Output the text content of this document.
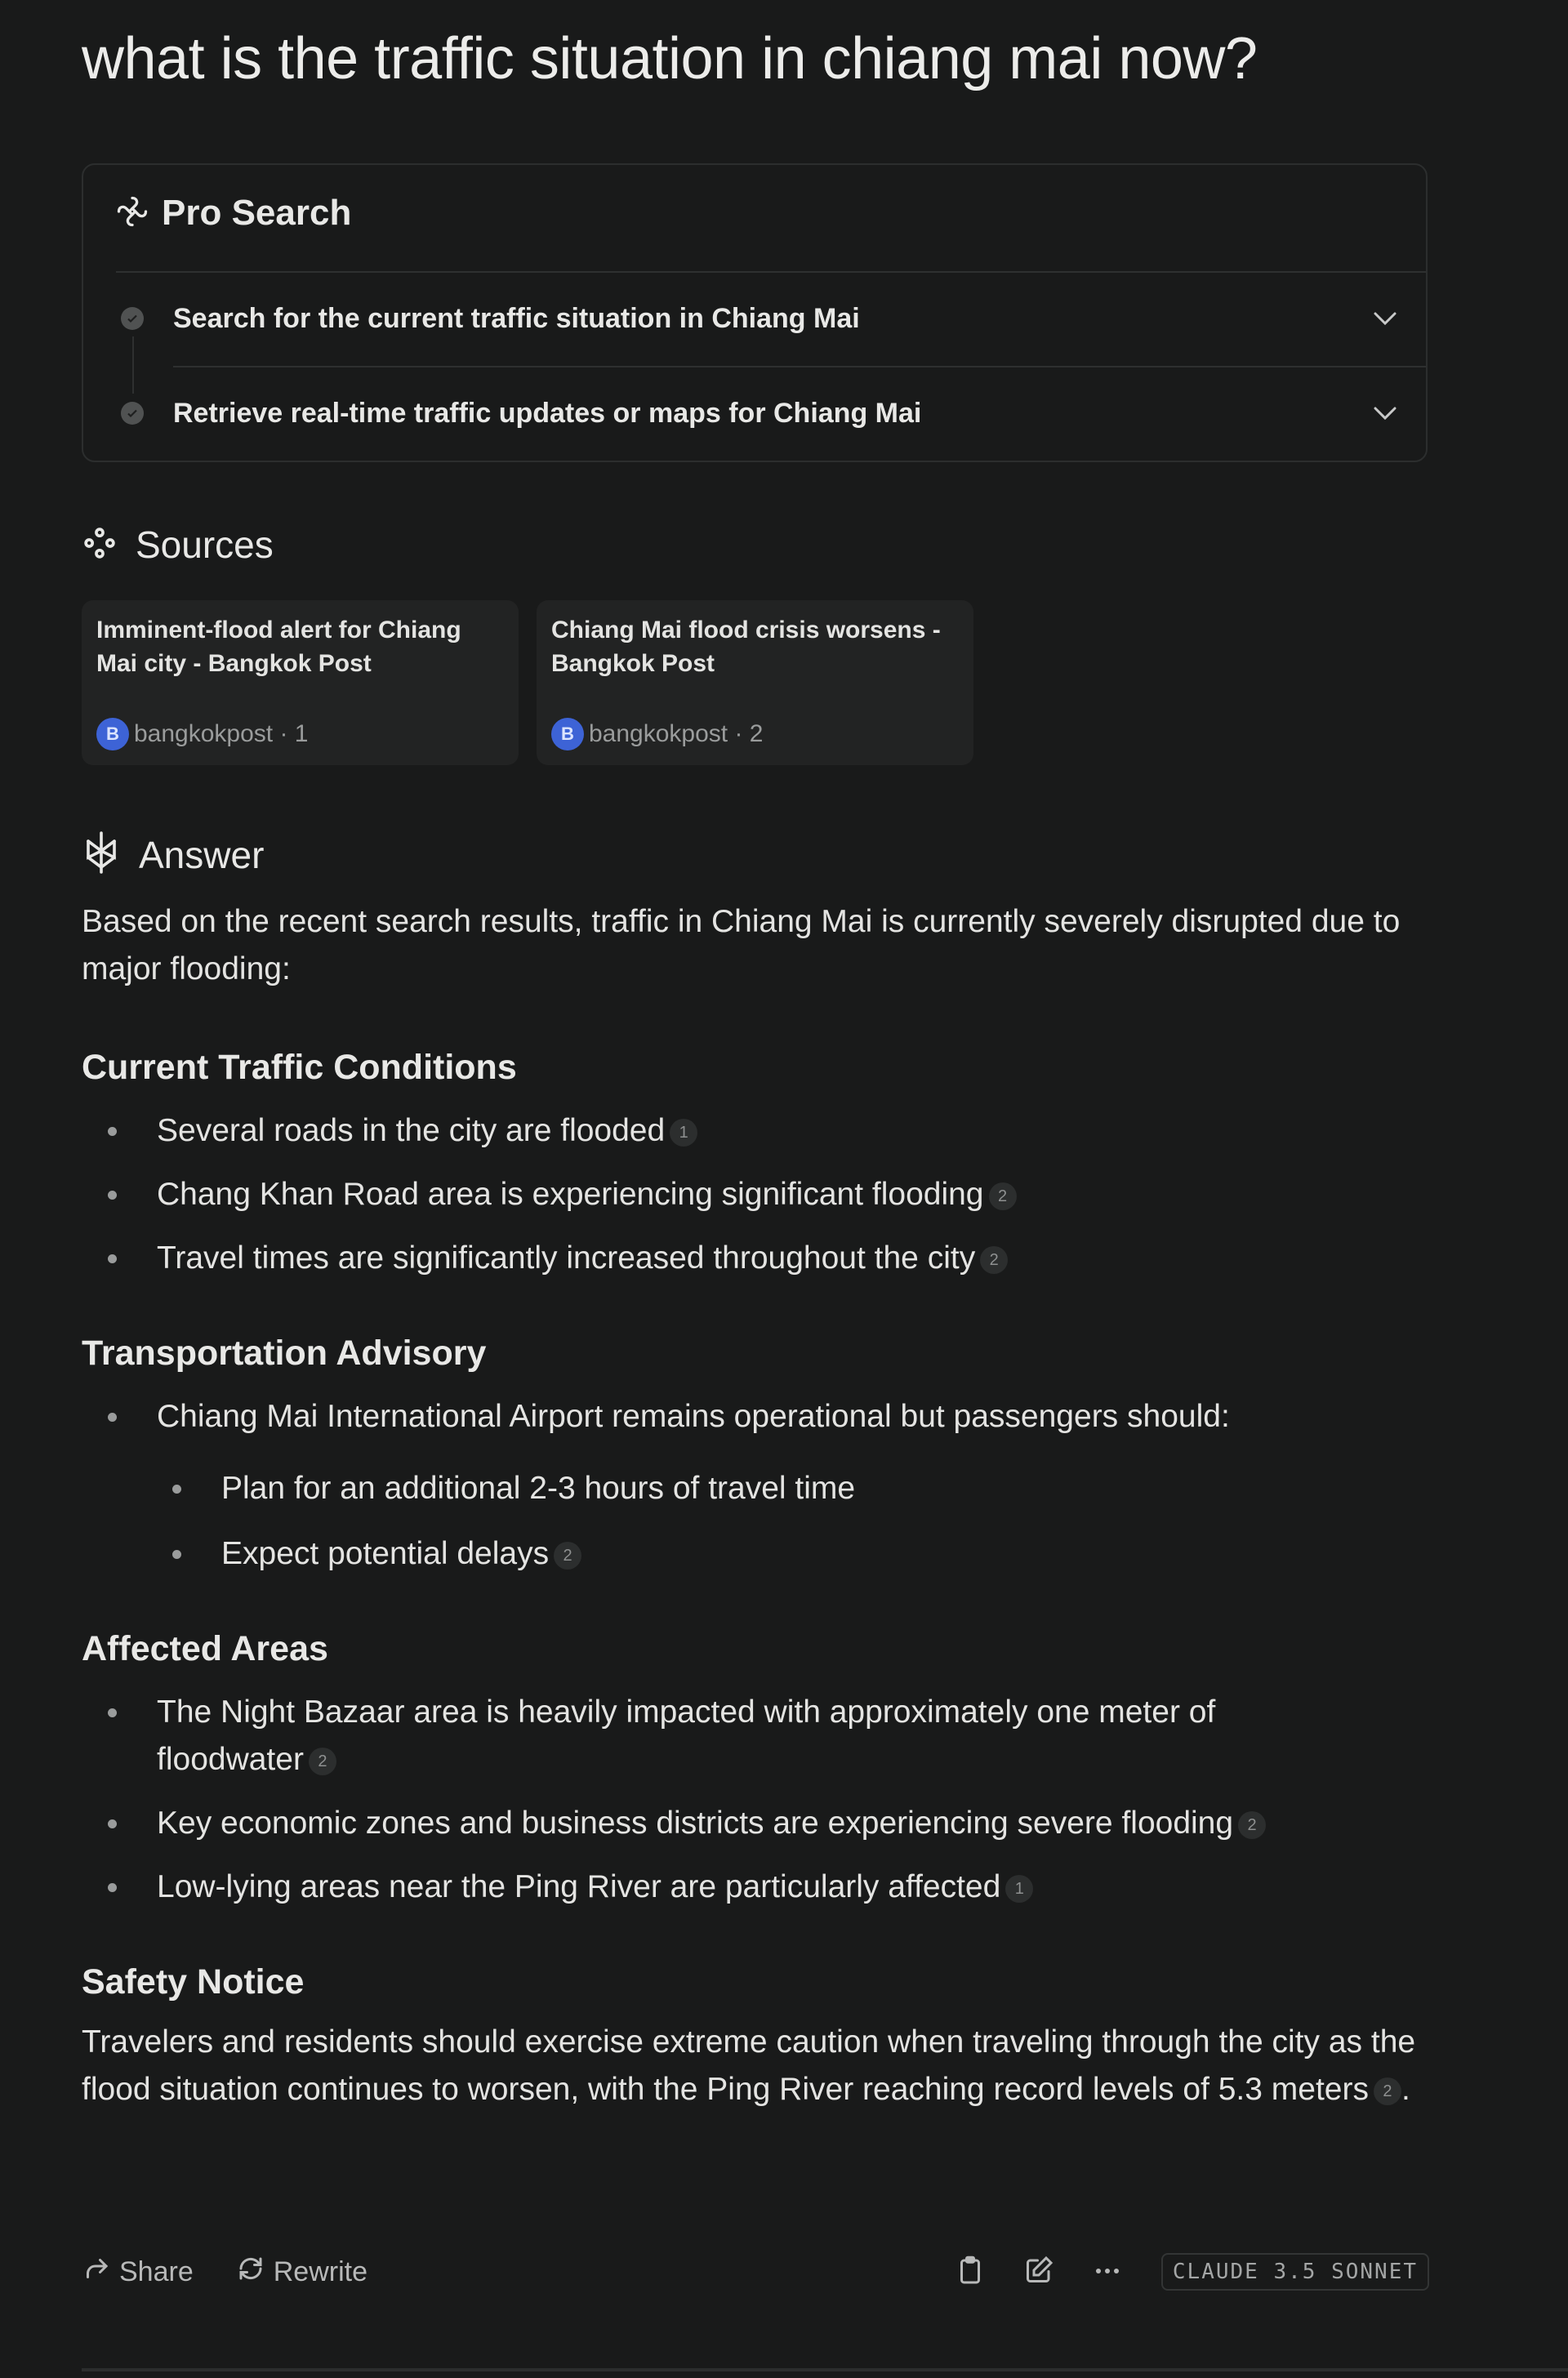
what is the traffic situation in chiang mai now?
Pro Search
Search for the current traffic situation in Chiang Mai
Retrieve real-time traffic updates or maps for Chiang Mai
Sources
Imminent-flood alert for Chiang Mai city - Bangkok Post
B bangkokpost · 1
Chiang Mai flood crisis worsens - Bangkok Post
B bangkokpost · 2
Answer

Based on the recent search results, traffic in Chiang Mai is currently severely disrupted due to major flooding:

Current Traffic Conditions
Several roads in the city are flooded 1
Chang Khan Road area is experiencing significant flooding 2
Travel times are significantly increased throughout the city 2
Transportation Advisory
Chiang Mai International Airport remains operational but passengers should:
Plan for an additional 2-3 hours of travel time
Expect potential delays 2
Affected Areas
The Night Bazaar area is heavily impacted with approximately one meter of floodwater 2
Key economic zones and business districts are experiencing severe flooding 2
Low-lying areas near the Ping River are particularly affected 1
Safety Notice

Travelers and residents should exercise extreme caution when traveling through the city as the flood situation continues to worsen, with the Ping River reaching record levels of 5.3 meters 2 .

Share	Rewrite	CLAUDE 3.5 SONNET
